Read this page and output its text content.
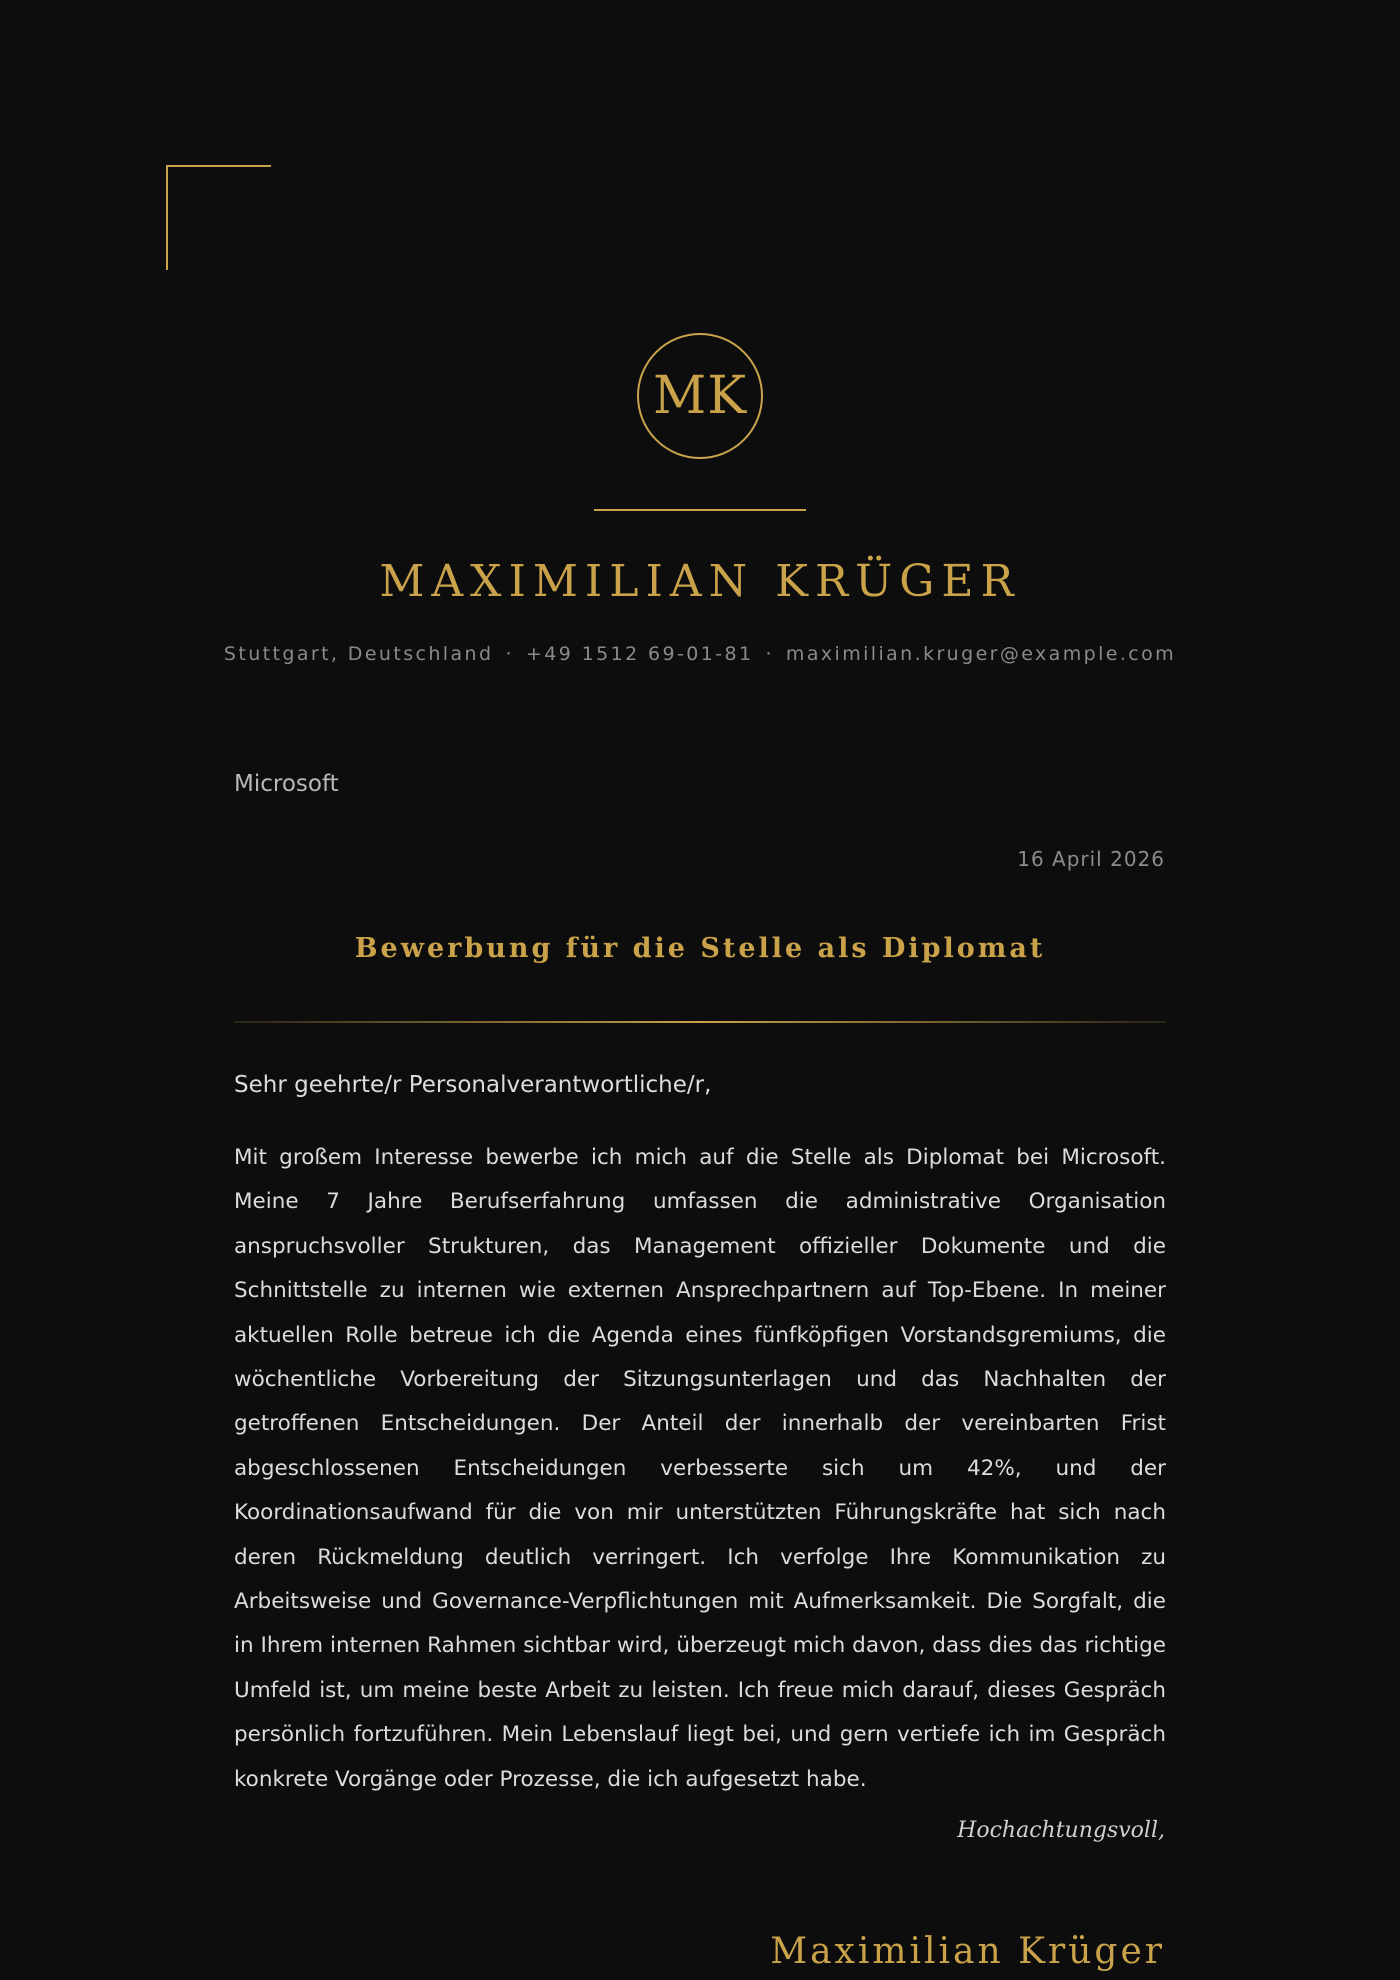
MK
MAXIMILIAN KRÜGER
Stuttgart, Deutschland · +49 1512 69-01-81 · maximilian.kruger@example.com
Microsoft
16 April 2026
Bewerbung für die Stelle als Diplomat
Sehr geehrte/r Personalverantwortliche/r,

Mit großem Interesse bewerbe ich mich auf die Stelle als Diplomat bei Microsoft. Meine 7 Jahre Berufserfahrung umfassen die administrative Organisation anspruchsvoller Strukturen, das Management offizieller Dokumente und die Schnittstelle zu internen wie externen Ansprechpartnern auf Top-Ebene. In meiner aktuellen Rolle betreue ich die Agenda eines fünfköpfigen Vorstandsgremiums, die wöchentliche Vorbereitung der Sitzungsunterlagen und das Nachhalten der getroffenen Entscheidungen. Der Anteil der innerhalb der vereinbarten Frist abgeschlossenen Entscheidungen verbesserte sich um 42%, und der Koordinationsaufwand für die von mir unterstützten Führungskräfte hat sich nach deren Rückmeldung deutlich verringert. Ich verfolge Ihre Kommunikation zu Arbeitsweise und Governance-Verpflichtungen mit Aufmerksamkeit. Die Sorgfalt, die in Ihrem internen Rahmen sichtbar wird, überzeugt mich davon, dass dies das richtige Umfeld ist, um meine beste Arbeit zu leisten. Ich freue mich darauf, dieses Gespräch persönlich fortzuführen. Mein Lebenslauf liegt bei, und gern vertiefe ich im Gespräch konkrete Vorgänge oder Prozesse, die ich aufgesetzt habe.

Hochachtungsvoll,
Maximilian Krüger
